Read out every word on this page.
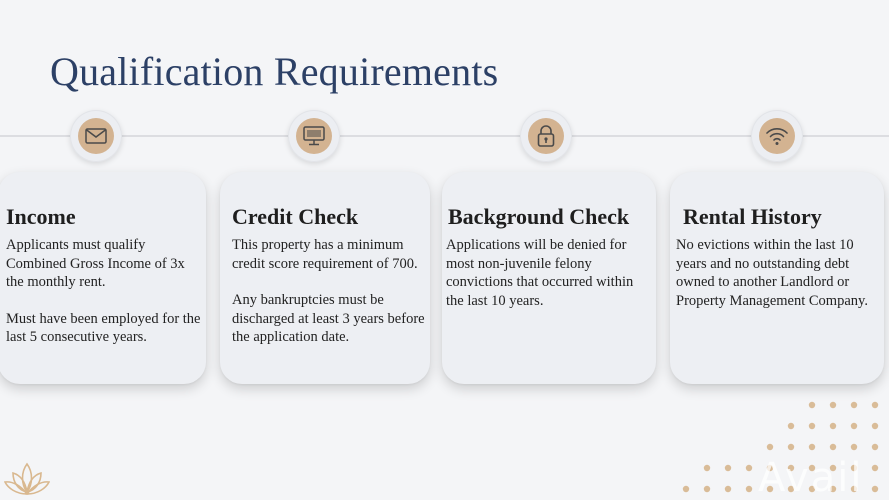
Qualification Requirements
Income

Applicants must qualify Combined Gross Income of 3x the monthly rent.

Must have been employed for the last 5 consecutive years.

Credit Check

This property has a minimum credit score requirement of 700.

Any bankruptcies must be discharged at least 3 years before the application date.

Background Check

Applications will be denied for most non-juvenile felony convictions that occurred within the last 10 years.

Rental History

No evictions within the last 10 years and no outstanding debt owned to another Landlord or Property Management Company.

Avail
